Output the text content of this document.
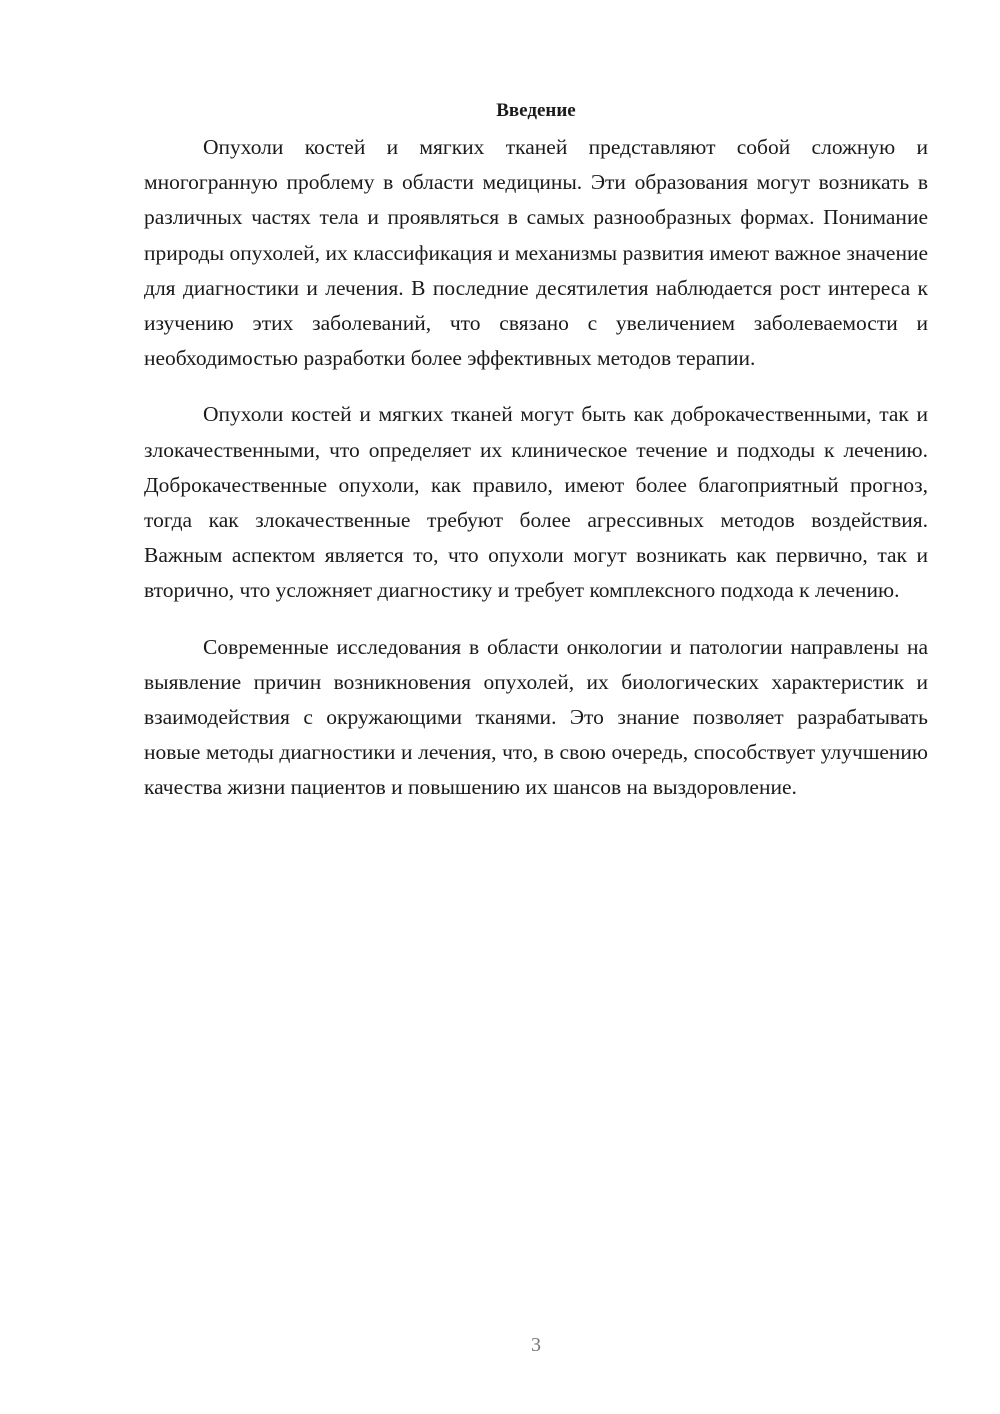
Введение

Опухоли костей и мягких тканей представляют собой сложную и многогранную проблему в области медицины. Эти образования могут возникать в различных частях тела и проявляться в самых разнообразных формах. Понимание природы опухолей, их классификация и механизмы развития имеют важное значение для диагностики и лечения. В последние десятилетия наблюдается рост интереса к изучению этих заболеваний, что связано с увеличением заболеваемости и необходимостью разработки более эффективных методов терапии.

Опухоли костей и мягких тканей могут быть как доброкачественными, так и злокачественными, что определяет их клиническое течение и подходы к лечению. Доброкачественные опухоли, как правило, имеют более благоприятный прогноз, тогда как злокачественные требуют более агрессивных методов воздействия. Важным аспектом является то, что опухоли могут возникать как первично, так и вторично, что усложняет диагностику и требует комплексного подхода к лечению.

Современные исследования в области онкологии и патологии направлены на выявление причин возникновения опухолей, их биологических характеристик и взаимодействия с окружающими тканями. Это знание позволяет разрабатывать новые методы диагностики и лечения, что, в свою очередь, способствует улучшению качества жизни пациентов и повышению их шансов на выздоровление.

3
